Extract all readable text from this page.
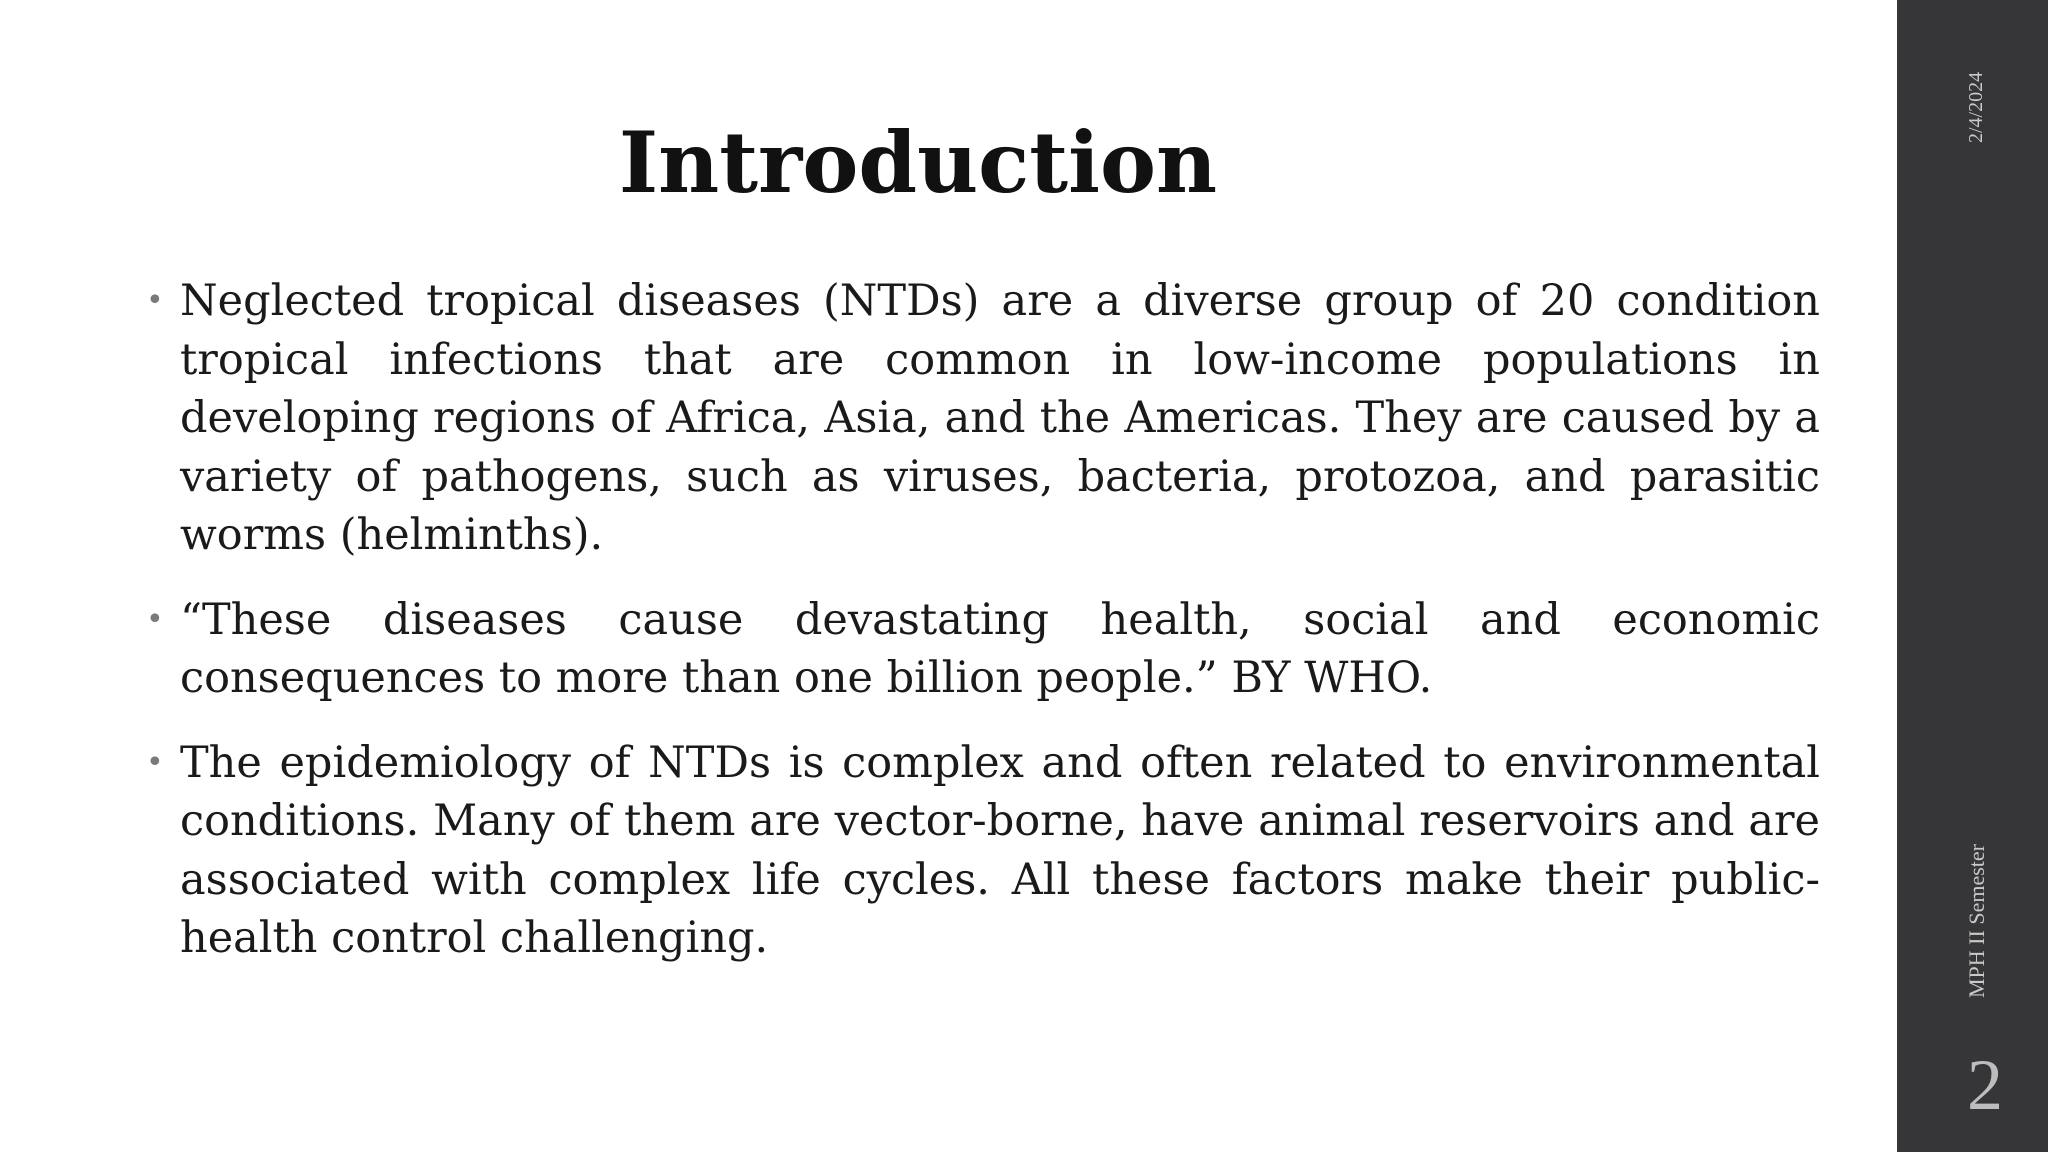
Introduction
• Neglected tropical diseases (NTDs) are a diverse group of 20 condition tropical infections that are common in low-income populations in developing regions of Africa, Asia, and the Americas. They are caused by a variety of pathogens, such as viruses, bacteria, protozoa, and parasitic worms (helminths).
• “These diseases cause devastating health, social and economic consequences to more than one billion people.” BY WHO.
• The epidemiology of NTDs is complex and often related to environmental conditions. Many of them are vector-borne, have animal reservoirs and are associated with complex life cycles. All these factors make their public-health control challenging.
2/4/2024
MPH II Semester
2
